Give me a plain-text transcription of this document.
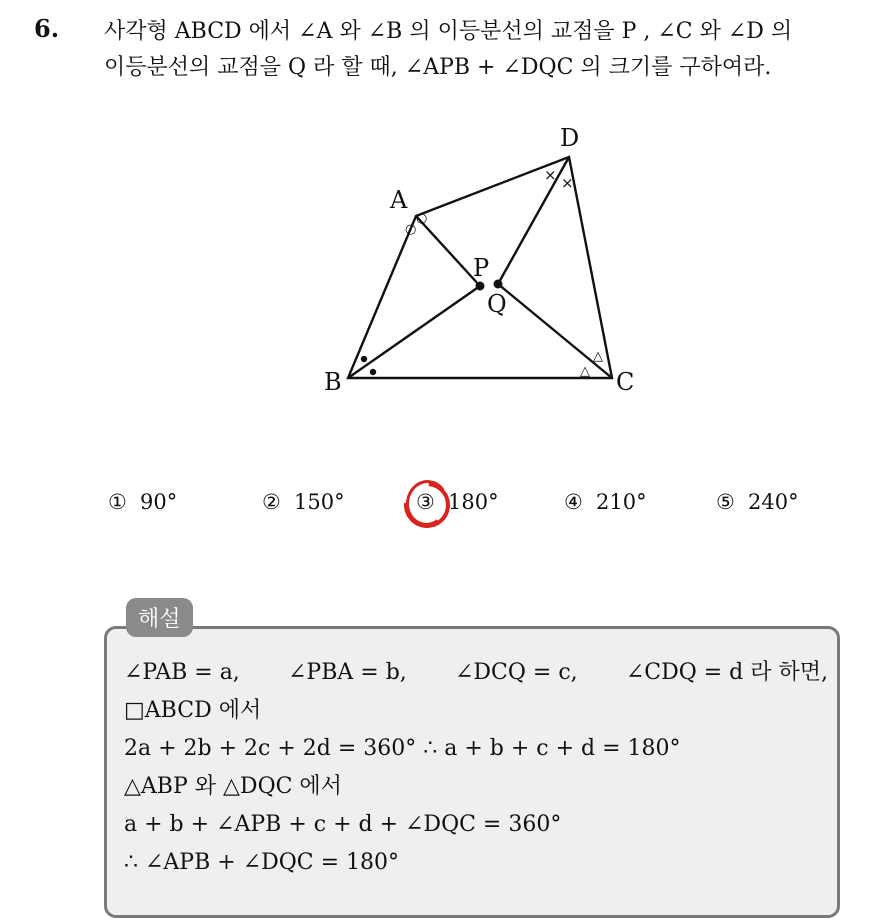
6. 사각형 ABCD 에서 ∠A 와 ∠B 의 이등분선의 교점을 P , ∠C 와 ∠D 의
이등분선의 교점을 Q 라 할 때, ∠APB + ∠DQC 의 크기를 구하여라.
A
B	C
D
P
Q
○
○
× ×
△
△
① 90°	② 150°	③ 180°	④ 210°	⑤ 240°
해설
∠PAB = a, ∠PBA = b, ∠DCQ = c, ∠CDQ = d 라 하면,
□ABCD 에서
2a + 2b + 2c + 2d = 360° ∴ a + b + c + d = 180°
△ABP 와 △DQC 에서
a + b + ∠APB + c + d + ∠DQC = 360°
∴ ∠APB + ∠DQC = 180°
